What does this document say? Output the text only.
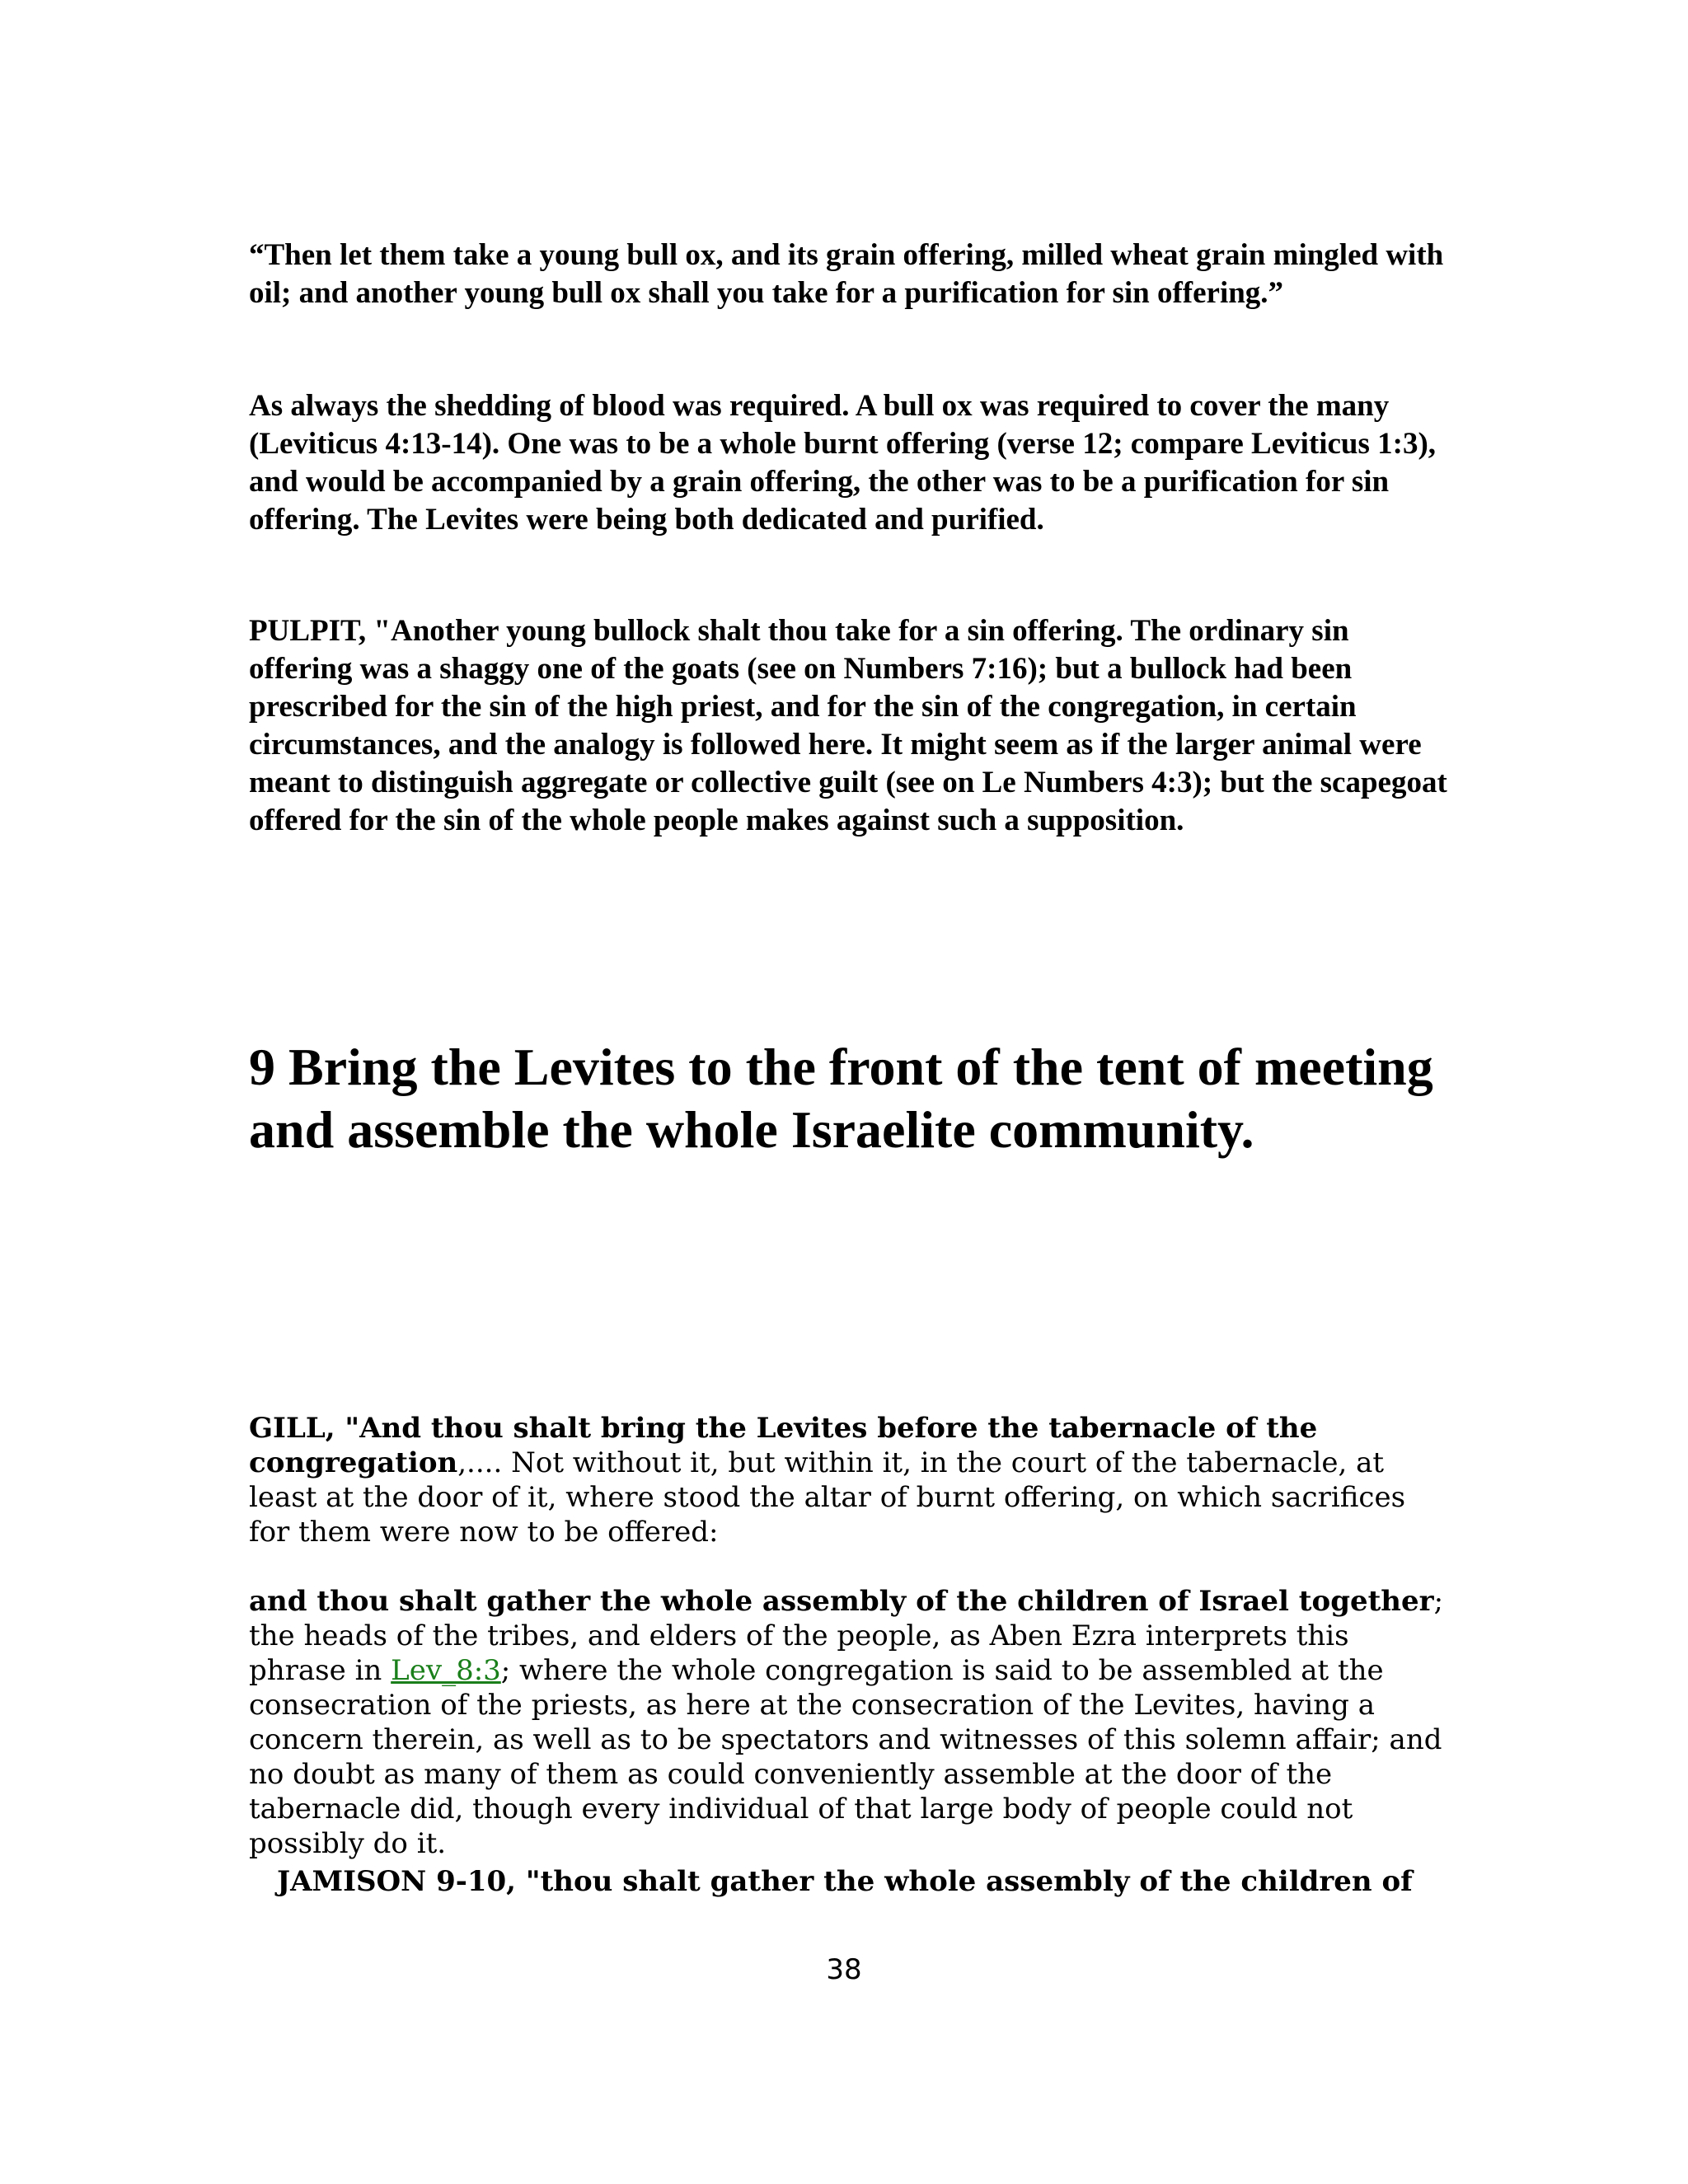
“Then let them take a young bull ox, and its grain offering, milled wheat grain mingled with oil; and another young bull ox shall you take for a purification for sin offering.”

As always the shedding of blood was required. A bull ox was required to cover the many (Leviticus 4:13-14). One was to be a whole burnt offering (verse 12; compare Leviticus 1:3), and would be accompanied by a grain offering, the other was to be a purification for sin offering. The Levites were being both dedicated and purified.

PULPIT, "Another young bullock shalt thou take for a sin offering. The ordinary sin offering was a shaggy one of the goats (see on Numbers 7:16); but a bullock had been prescribed for the sin of the high priest, and for the sin of the congregation, in certain circumstances, and the analogy is followed here. It might seem as if the larger animal were meant to distinguish aggregate or collective guilt (see on Le Numbers 4:3); but the scapegoat offered for the sin of the whole people makes against such a supposition.

9 Bring the Levites to the front of the tent of meeting and assemble the whole Israelite community.

GILL, "And thou shalt bring the Levites before the tabernacle of the congregation,.... Not without it, but within it, in the court of the tabernacle, at least at the door of it, where stood the altar of burnt offering, on which sacrifices for them were now to be offered:

and thou shalt gather the whole assembly of the children of Israel together; the heads of the tribes, and elders of the people, as Aben Ezra interprets this phrase in Lev_8:3; where the whole congregation is said to be assembled at the consecration of the priests, as here at the consecration of the Levites, having a concern therein, as well as to be spectators and witnesses of this solemn affair; and no doubt as many of them as could conveniently assemble at the door of the tabernacle did, though every individual of that large body of people could not possibly do it.

JAMISON 9-10, "thou shalt gather the whole assembly of the children of

38
